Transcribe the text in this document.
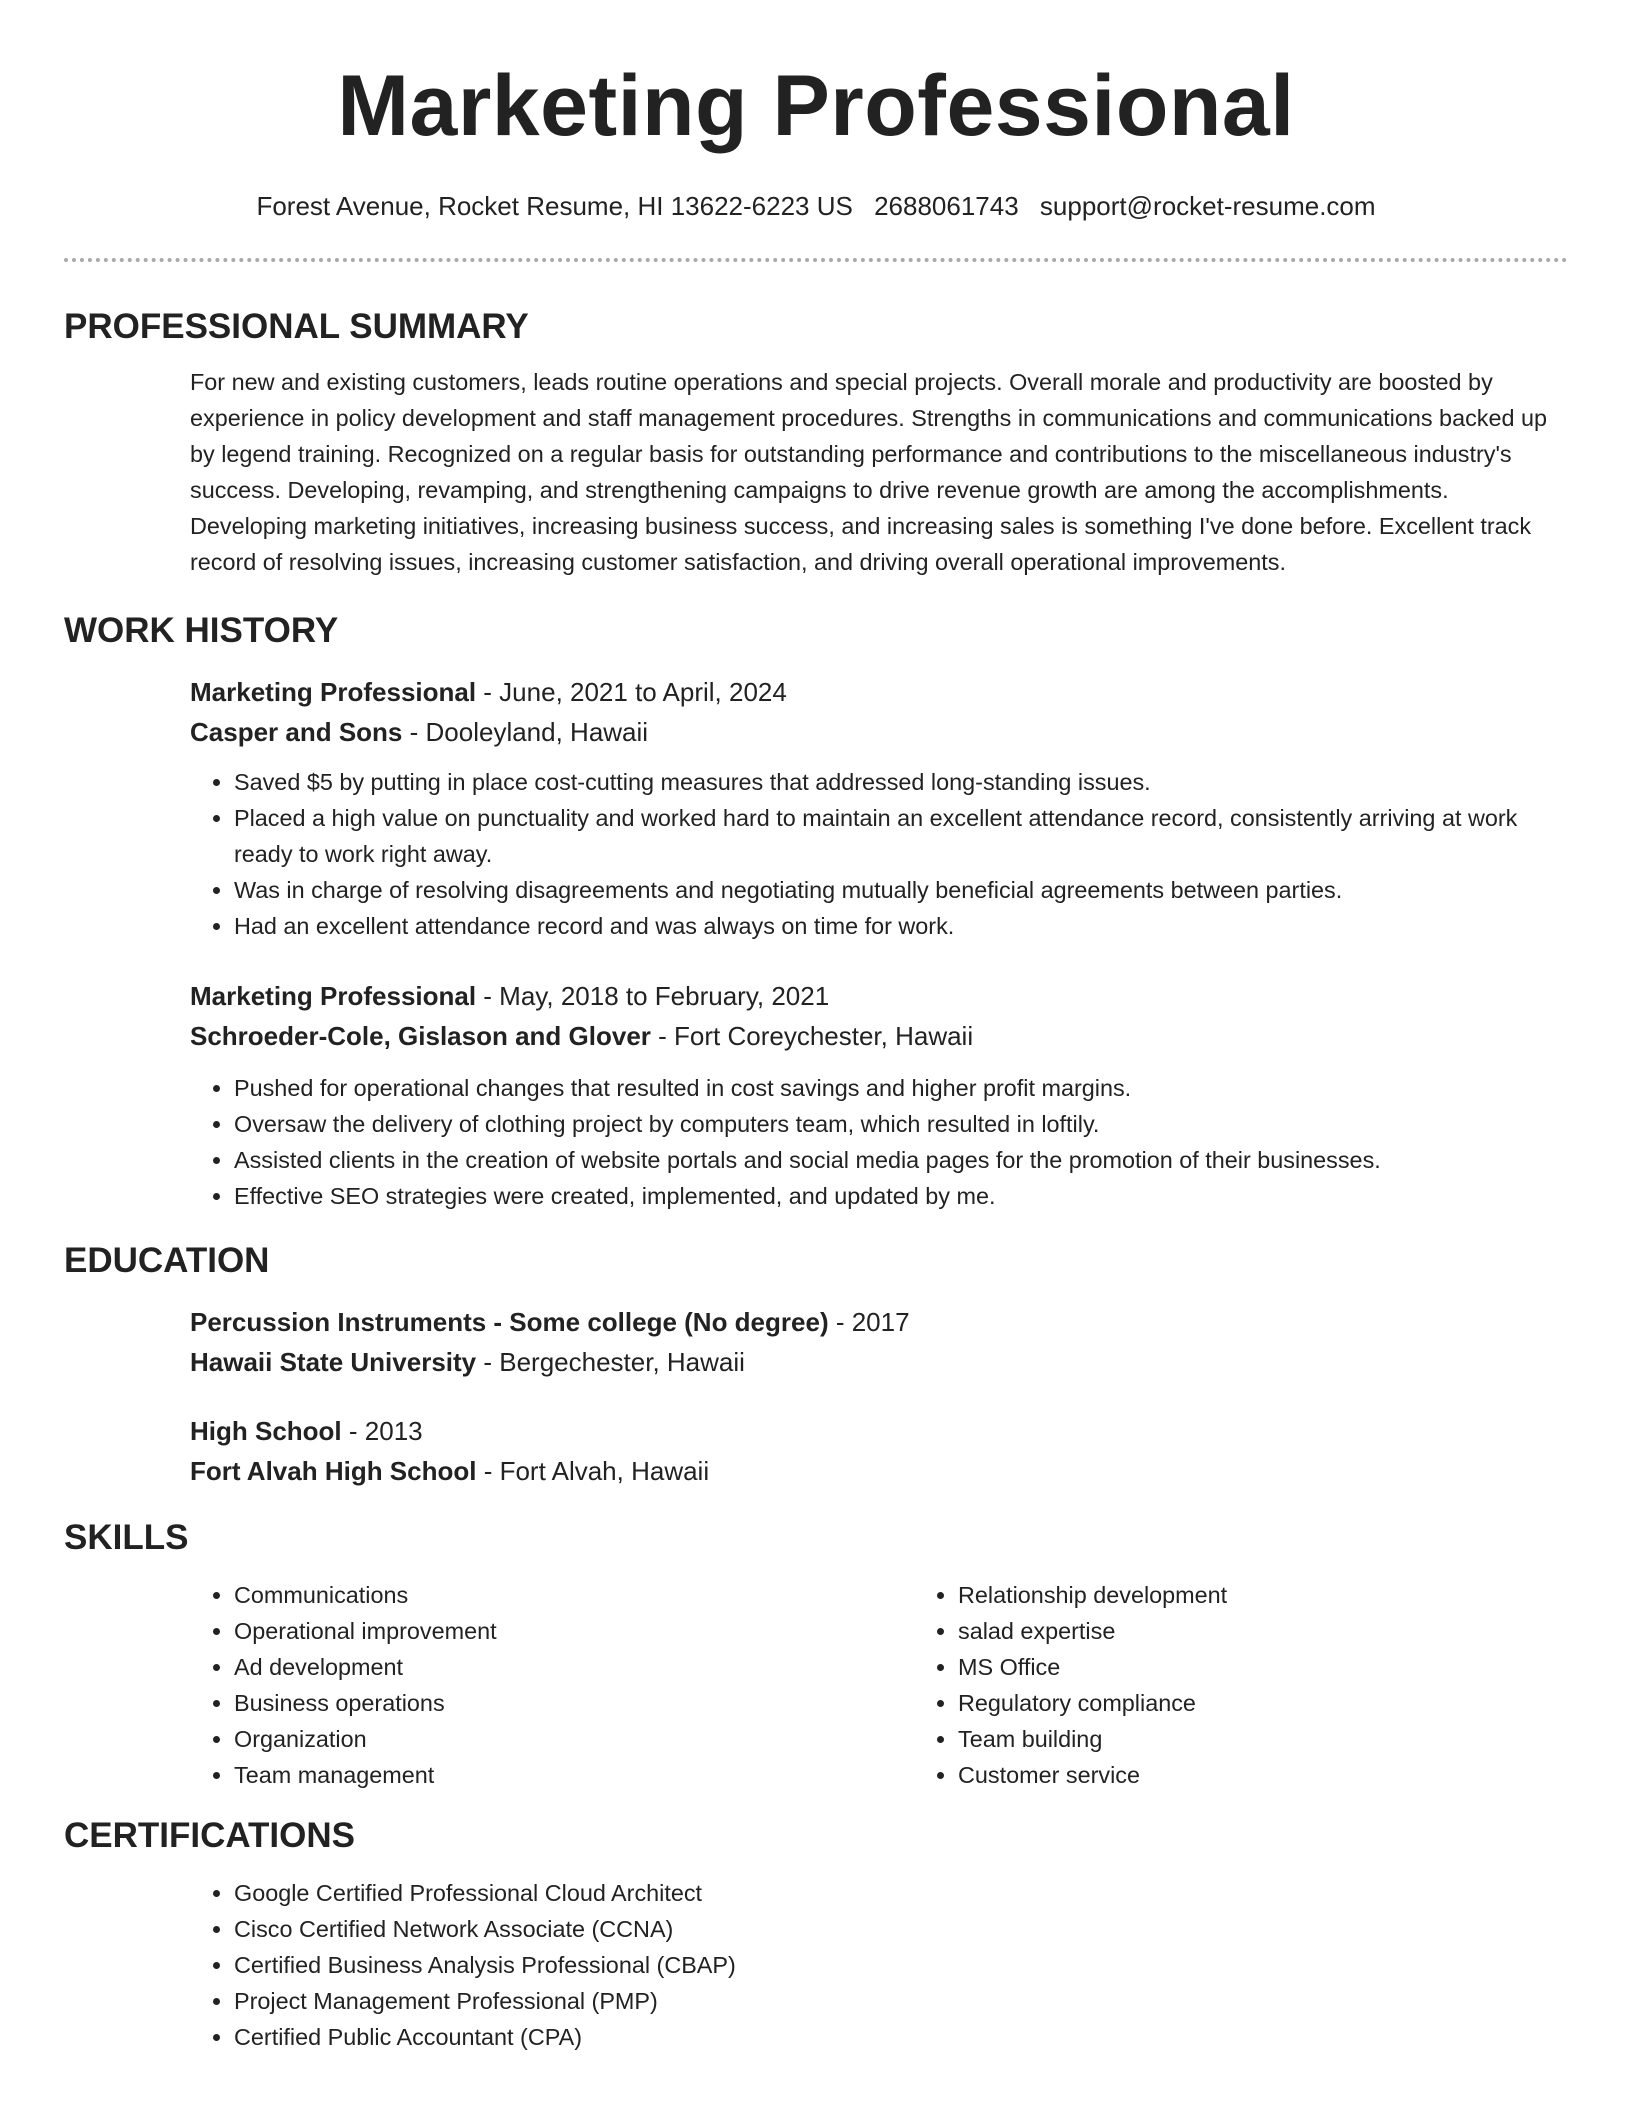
Marketing Professional
Forest Avenue, Rocket Resume, HI 13622-6223 US 2688061743 support@rocket-resume.com
PROFESSIONAL SUMMARY

For new and existing customers, leads routine operations and special projects. Overall morale and productivity are boosted by experience in policy development and staff management procedures. Strengths in communications and communications backed up by legend training. Recognized on a regular basis for outstanding performance and contributions to the miscellaneous industry's success. Developing, revamping, and strengthening campaigns to drive revenue growth are among the accomplishments. Developing marketing initiatives, increasing business success, and increasing sales is something I've done before. Excellent track record of resolving issues, increasing customer satisfaction, and driving overall operational improvements.

WORK HISTORY
Marketing Professional - June, 2021 to April, 2024
Casper and Sons - Dooleyland, Hawaii
• Saved $5 by putting in place cost-cutting measures that addressed long-standing issues.
• Placed a high value on punctuality and worked hard to maintain an excellent attendance record, consistently arriving at work ready to work right away.
• Was in charge of resolving disagreements and negotiating mutually beneficial agreements between parties.
• Had an excellent attendance record and was always on time for work.
Marketing Professional - May, 2018 to February, 2021
Schroeder-Cole, Gislason and Glover - Fort Coreychester, Hawaii
• Pushed for operational changes that resulted in cost savings and higher profit margins.
• Oversaw the delivery of clothing project by computers team, which resulted in loftily.
• Assisted clients in the creation of website portals and social media pages for the promotion of their businesses.
• Effective SEO strategies were created, implemented, and updated by me.
EDUCATION
Percussion Instruments - Some college (No degree) - 2017
Hawaii State University - Bergechester, Hawaii
High School - 2013
Fort Alvah High School - Fort Alvah, Hawaii
SKILLS
• Communications
• Operational improvement
• Ad development
• Business operations
• Organization
• Team management
• Relationship development
• salad expertise
• MS Office
• Regulatory compliance
• Team building
• Customer service
CERTIFICATIONS
• Google Certified Professional Cloud Architect
• Cisco Certified Network Associate (CCNA)
• Certified Business Analysis Professional (CBAP)
• Project Management Professional (PMP)
• Certified Public Accountant (CPA)
